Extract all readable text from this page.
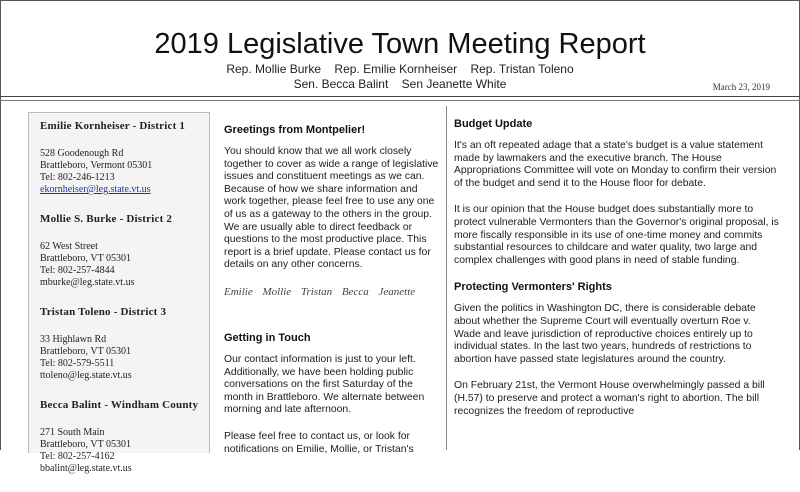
2019 Legislative Town Meeting Report
Rep. Mollie Burke Rep. Emilie Kornheiser Rep. Tristan Toleno
Sen. Becca Balint Sen Jeanette White	March 23, 2019
Emilie Kornheiser - District 1
528 Goodenough Rd
Brattleboro, Vermont 05301
Tel: 802-246-1213
ekornheiser@leg.state.vt.us
Mollie S. Burke - District 2
62 West Street
Brattleboro, VT 05301
Tel: 802-257-4844
mburke@leg.state.vt.us
Tristan Toleno - District 3
33 Highlawn Rd
Brattleboro, VT 05301
Tel: 802-579-5511
ttoleno@leg.state.vt.us
Becca Balint - Windham County
271 South Main
Brattleboro, VT 05301
Tel: 802-257-4162
bbalint@leg.state.vt.us
Greetings from Montpelier!

You should know that we all work closely together to cover as wide a range of legislative issues and constituent meetings as we can. Because of how we share information and work together, please feel free to use any one of us as a gateway to the others in the group. We are usually able to direct feedback or questions to the most productive place. This report is a brief update. Please contact us for details on any other concerns.

Emilie Mollie Tristan Becca Jeanette
Getting in Touch

Our contact information is just to your left. Additionally, we have been holding public conversations on the first Saturday of the month in Brattleboro. We alternate between morning and late afternoon.

Please feel free to contact us, or look for notifications on Emilie, Mollie, or Tristan's

Budget Update

It's an oft repeated adage that a state's budget is a value statement made by lawmakers and the executive branch. The House Appropriations Committee will vote on Monday to confirm their version of the budget and send it to the House floor for debate.

It is our opinion that the House budget does substantially more to protect vulnerable Vermonters than the Governor's original proposal, is more fiscally responsible in its use of one-time money and commits substantial resources to childcare and water quality, two large and complex challenges with good plans in need of stable funding.

Protecting Vermonters' Rights

Given the politics in Washington DC, there is considerable debate about whether the Supreme Court will eventually overturn Roe v. Wade and leave jurisdiction of reproductive choices entirely up to individual states. In the last two years, hundreds of restrictions to abortion have passed state legislatures around the country.

On February 21st, the Vermont House overwhelmingly passed a bill (H.57) to preserve and protect a woman's right to abortion. The bill recognizes the freedom of reproductive
